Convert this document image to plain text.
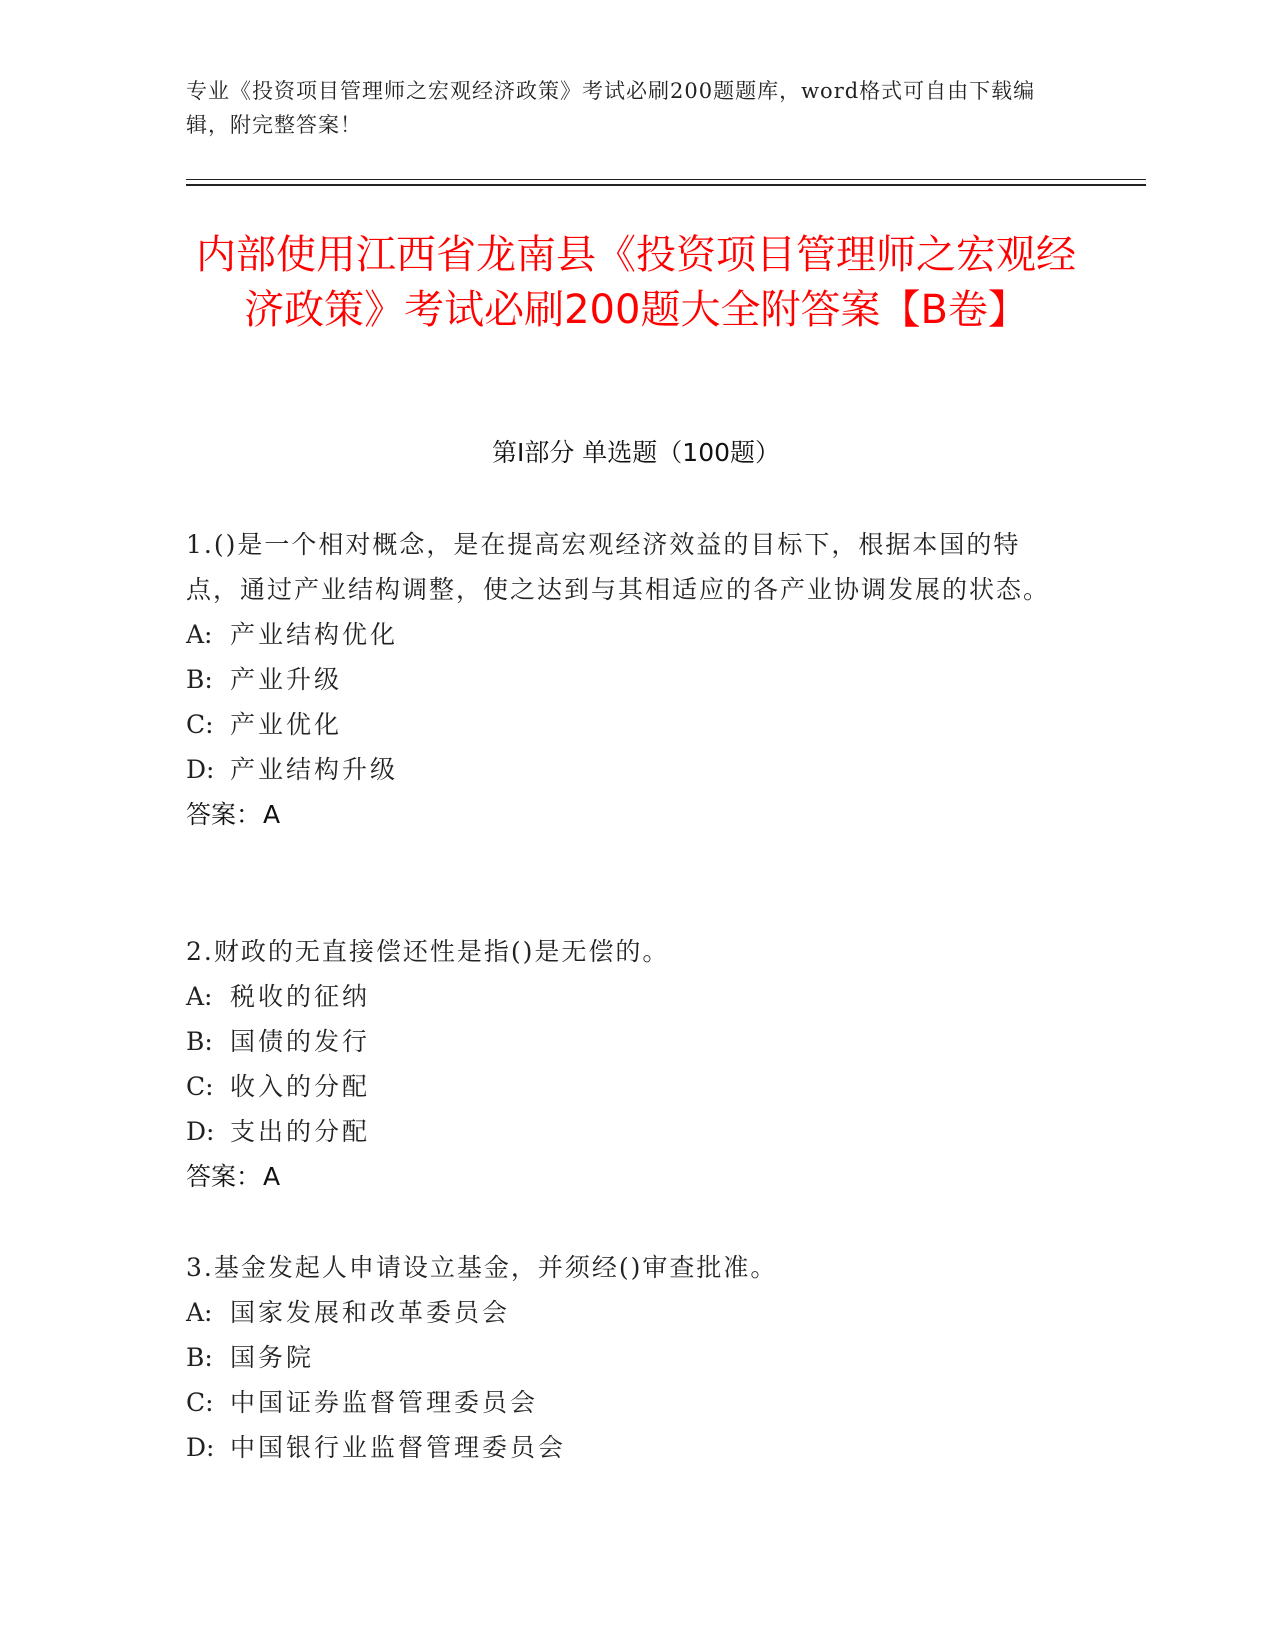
专业《投资项目管理师之宏观经济政策》考试必刷200题题库，word格式可自由下载编辑，附完整答案！
内部使用江西省龙南县《投资项目管理师之宏观经济政策》考试必刷200题大全附答案【B卷】
第I部分 单选题（100题）
1.()是一个相对概念，是在提高宏观经济效益的目标下，根据本国的特点，通过产业结构调整，使之达到与其相适应的各产业协调发展的状态。
A: 产业结构优化
B: 产业升级
C: 产业优化
D: 产业结构升级
答案：A
2.财政的无直接偿还性是指()是无偿的。
A: 税收的征纳
B: 国债的发行
C: 收入的分配
D: 支出的分配
答案：A
3.基金发起人申请设立基金，并须经()审查批准。
A: 国家发展和改革委员会
B: 国务院
C: 中国证券监督管理委员会
D: 中国银行业监督管理委员会
